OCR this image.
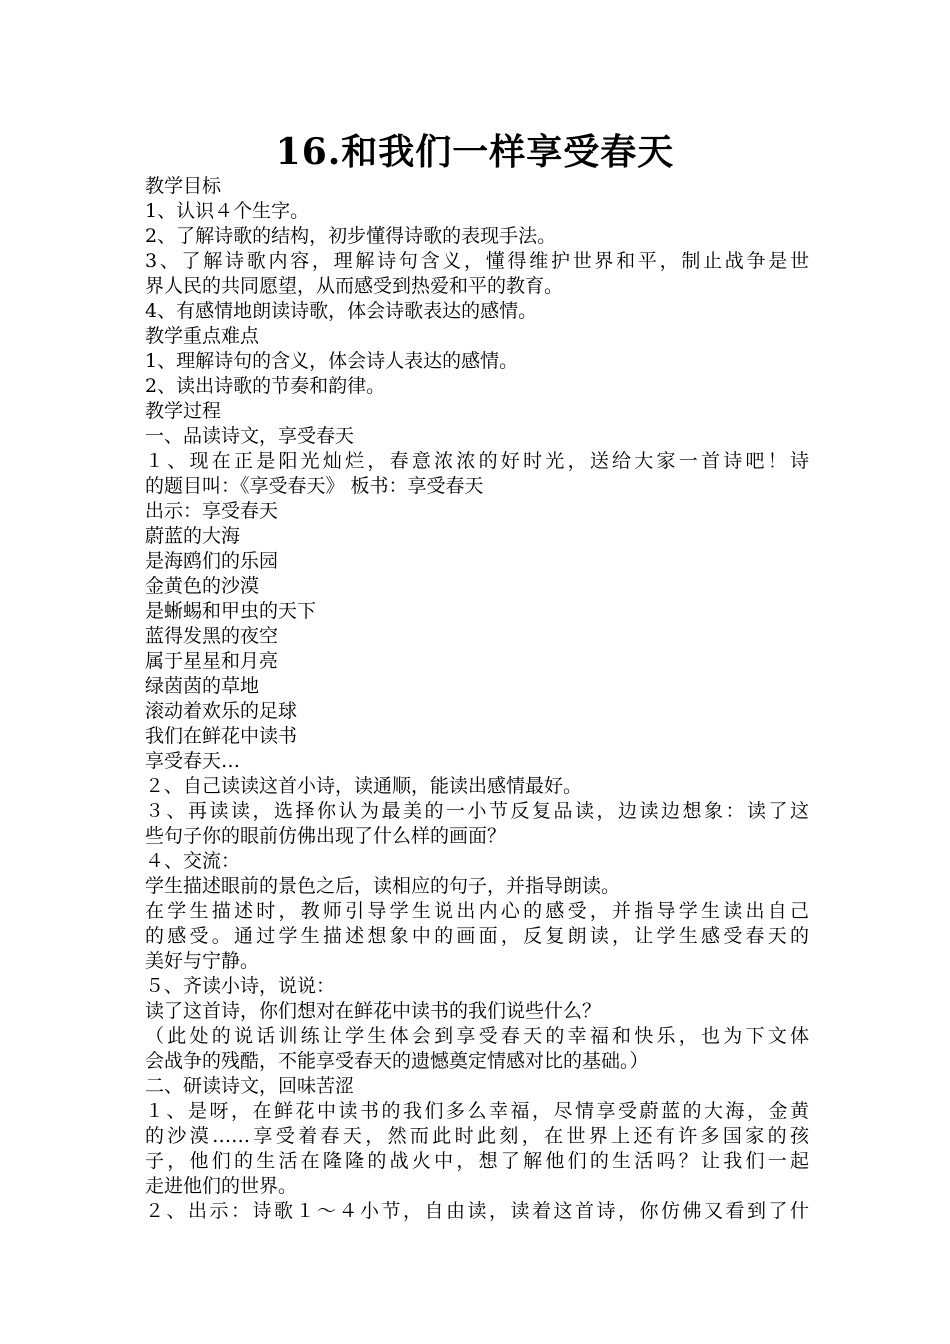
16.和我们一样享受春天
教学目标
1、认识４个生字。
2、了解诗歌的结构，初步懂得诗歌的表现手法。
3、了解诗歌内容，理解诗句含义，懂得维护世界和平，制止战争是世
界人民的共同愿望，从而感受到热爱和平的教育。
4、有感情地朗读诗歌，体会诗歌表达的感情。
教学重点难点
1、理解诗句的含义，体会诗人表达的感情。
2、读出诗歌的节奏和韵律。
教学过程
一、品读诗文，享受春天
１、现在正是阳光灿烂，春意浓浓的好时光，送给大家一首诗吧！诗
的题目叫：《享受春天》 板书：享受春天
出示：享受春天
蔚蓝的大海
是海鸥们的乐园
金黄色的沙漠
是蜥蜴和甲虫的天下
蓝得发黑的夜空
属于星星和月亮
绿茵茵的草地
滚动着欢乐的足球
我们在鲜花中读书
享受春天…
２、自己读读这首小诗，读通顺，能读出感情最好。
３、再读读，选择你认为最美的一小节反复品读，边读边想象：读了这
些句子你的眼前仿佛出现了什么样的画面？
４、交流：
学生描述眼前的景色之后，读相应的句子，并指导朗读。
在学生描述时，教师引导学生说出内心的感受，并指导学生读出自己
的感受。通过学生描述想象中的画面，反复朗读，让学生感受春天的
美好与宁静。
５、齐读小诗，说说：
读了这首诗，你们想对在鲜花中读书的我们说些什么？
（此处的说话训练让学生体会到享受春天的幸福和快乐，也为下文体
会战争的残酷，不能享受春天的遗憾奠定情感对比的基础。）
二、研读诗文，回味苦涩
１、是呀，在鲜花中读书的我们多么幸福，尽情享受蔚蓝的大海，金黄
的沙漠……享受着春天，然而此时此刻，在世界上还有许多国家的孩
子，他们的生活在隆隆的战火中，想了解他们的生活吗？让我们一起
走进他们的世界。
２、出示：诗歌１～４小节，自由读，读着这首诗，你仿佛又看到了什
